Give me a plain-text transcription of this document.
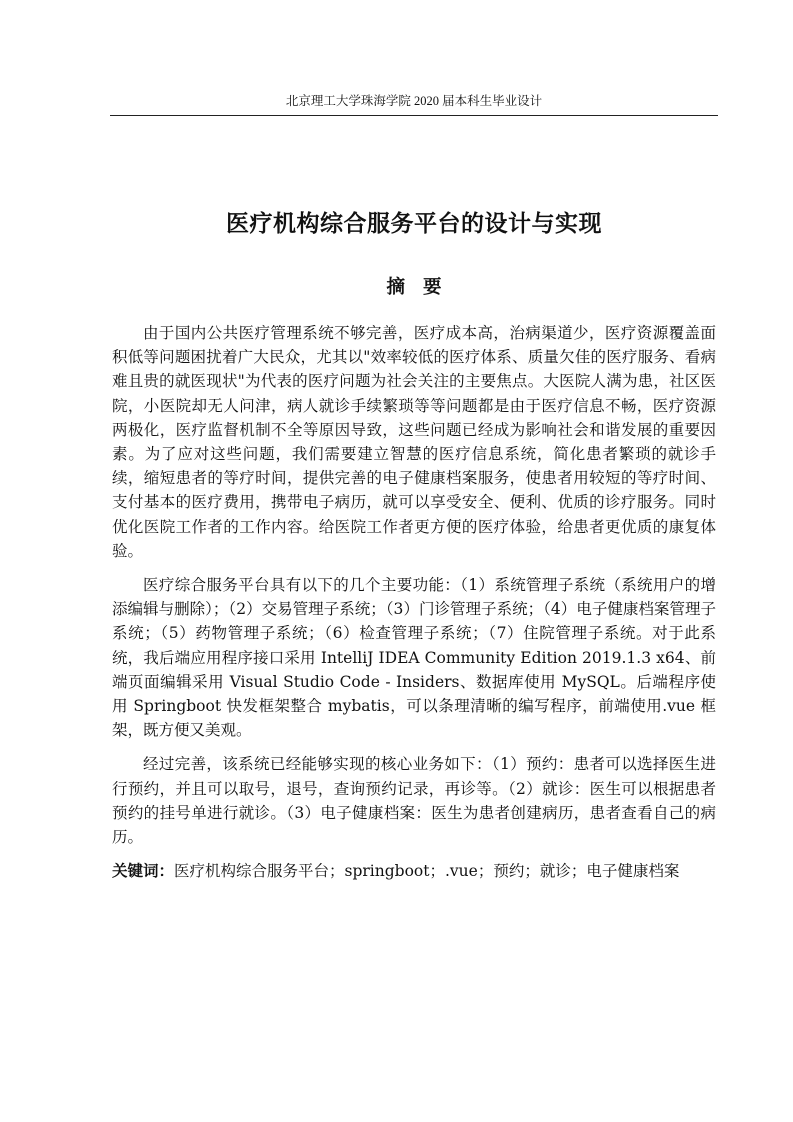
北京理工大学珠海学院 2020 届本科生毕业设计
医疗机构综合服务平台的设计与实现
摘要

由于国内公共医疗管理系统不够完善，医疗成本高，治病渠道少，医疗资源覆盖面积低等问题困扰着广大民众，尤其以"效率较低的医疗体系、质量欠佳的医疗服务、看病难且贵的就医现状"为代表的医疗问题为社会关注的主要焦点。大医院人满为患，社区医院，小医院却无人问津，病人就诊手续繁琐等等问题都是由于医疗信息不畅，医疗资源两极化，医疗监督机制不全等原因导致，这些问题已经成为影响社会和谐发展的重要因素。为了应对这些问题，我们需要建立智慧的医疗信息系统，简化患者繁琐的就诊手续，缩短患者的等疗时间，提供完善的电子健康档案服务，使患者用较短的等疗时间、支付基本的医疗费用，携带电子病历，就可以享受安全、便利、优质的诊疗服务。同时优化医院工作者的工作内容。给医院工作者更方便的医疗体验，给患者更优质的康复体验。

医疗综合服务平台具有以下的几个主要功能：（1）系统管理子系统（系统用户的增添编辑与删除）；（2）交易管理子系统；（3）门诊管理子系统；（4）电子健康档案管理子系统；（5）药物管理子系统；（6）检查管理子系统；（7）住院管理子系统。对于此系统，我后端应用程序接口采用 IntelliJ IDEA Community Edition 2019.1.3 x64、前端页面编辑采用 Visual Studio Code - Insiders、数据库使用 MySQL。后端程序使用 Springboot 快发框架整合 mybatis，可以条理清晰的编写程序，前端使用.vue 框架，既方便又美观。

经过完善，该系统已经能够实现的核心业务如下：（1）预约：患者可以选择医生进行预约，并且可以取号，退号，查询预约记录，再诊等。（2）就诊：医生可以根据患者预约的挂号单进行就诊。（3）电子健康档案：医生为患者创建病历，患者查看自己的病历。

关键词：医疗机构综合服务平台；springboot；.vue；预约；就诊；电子健康档案
